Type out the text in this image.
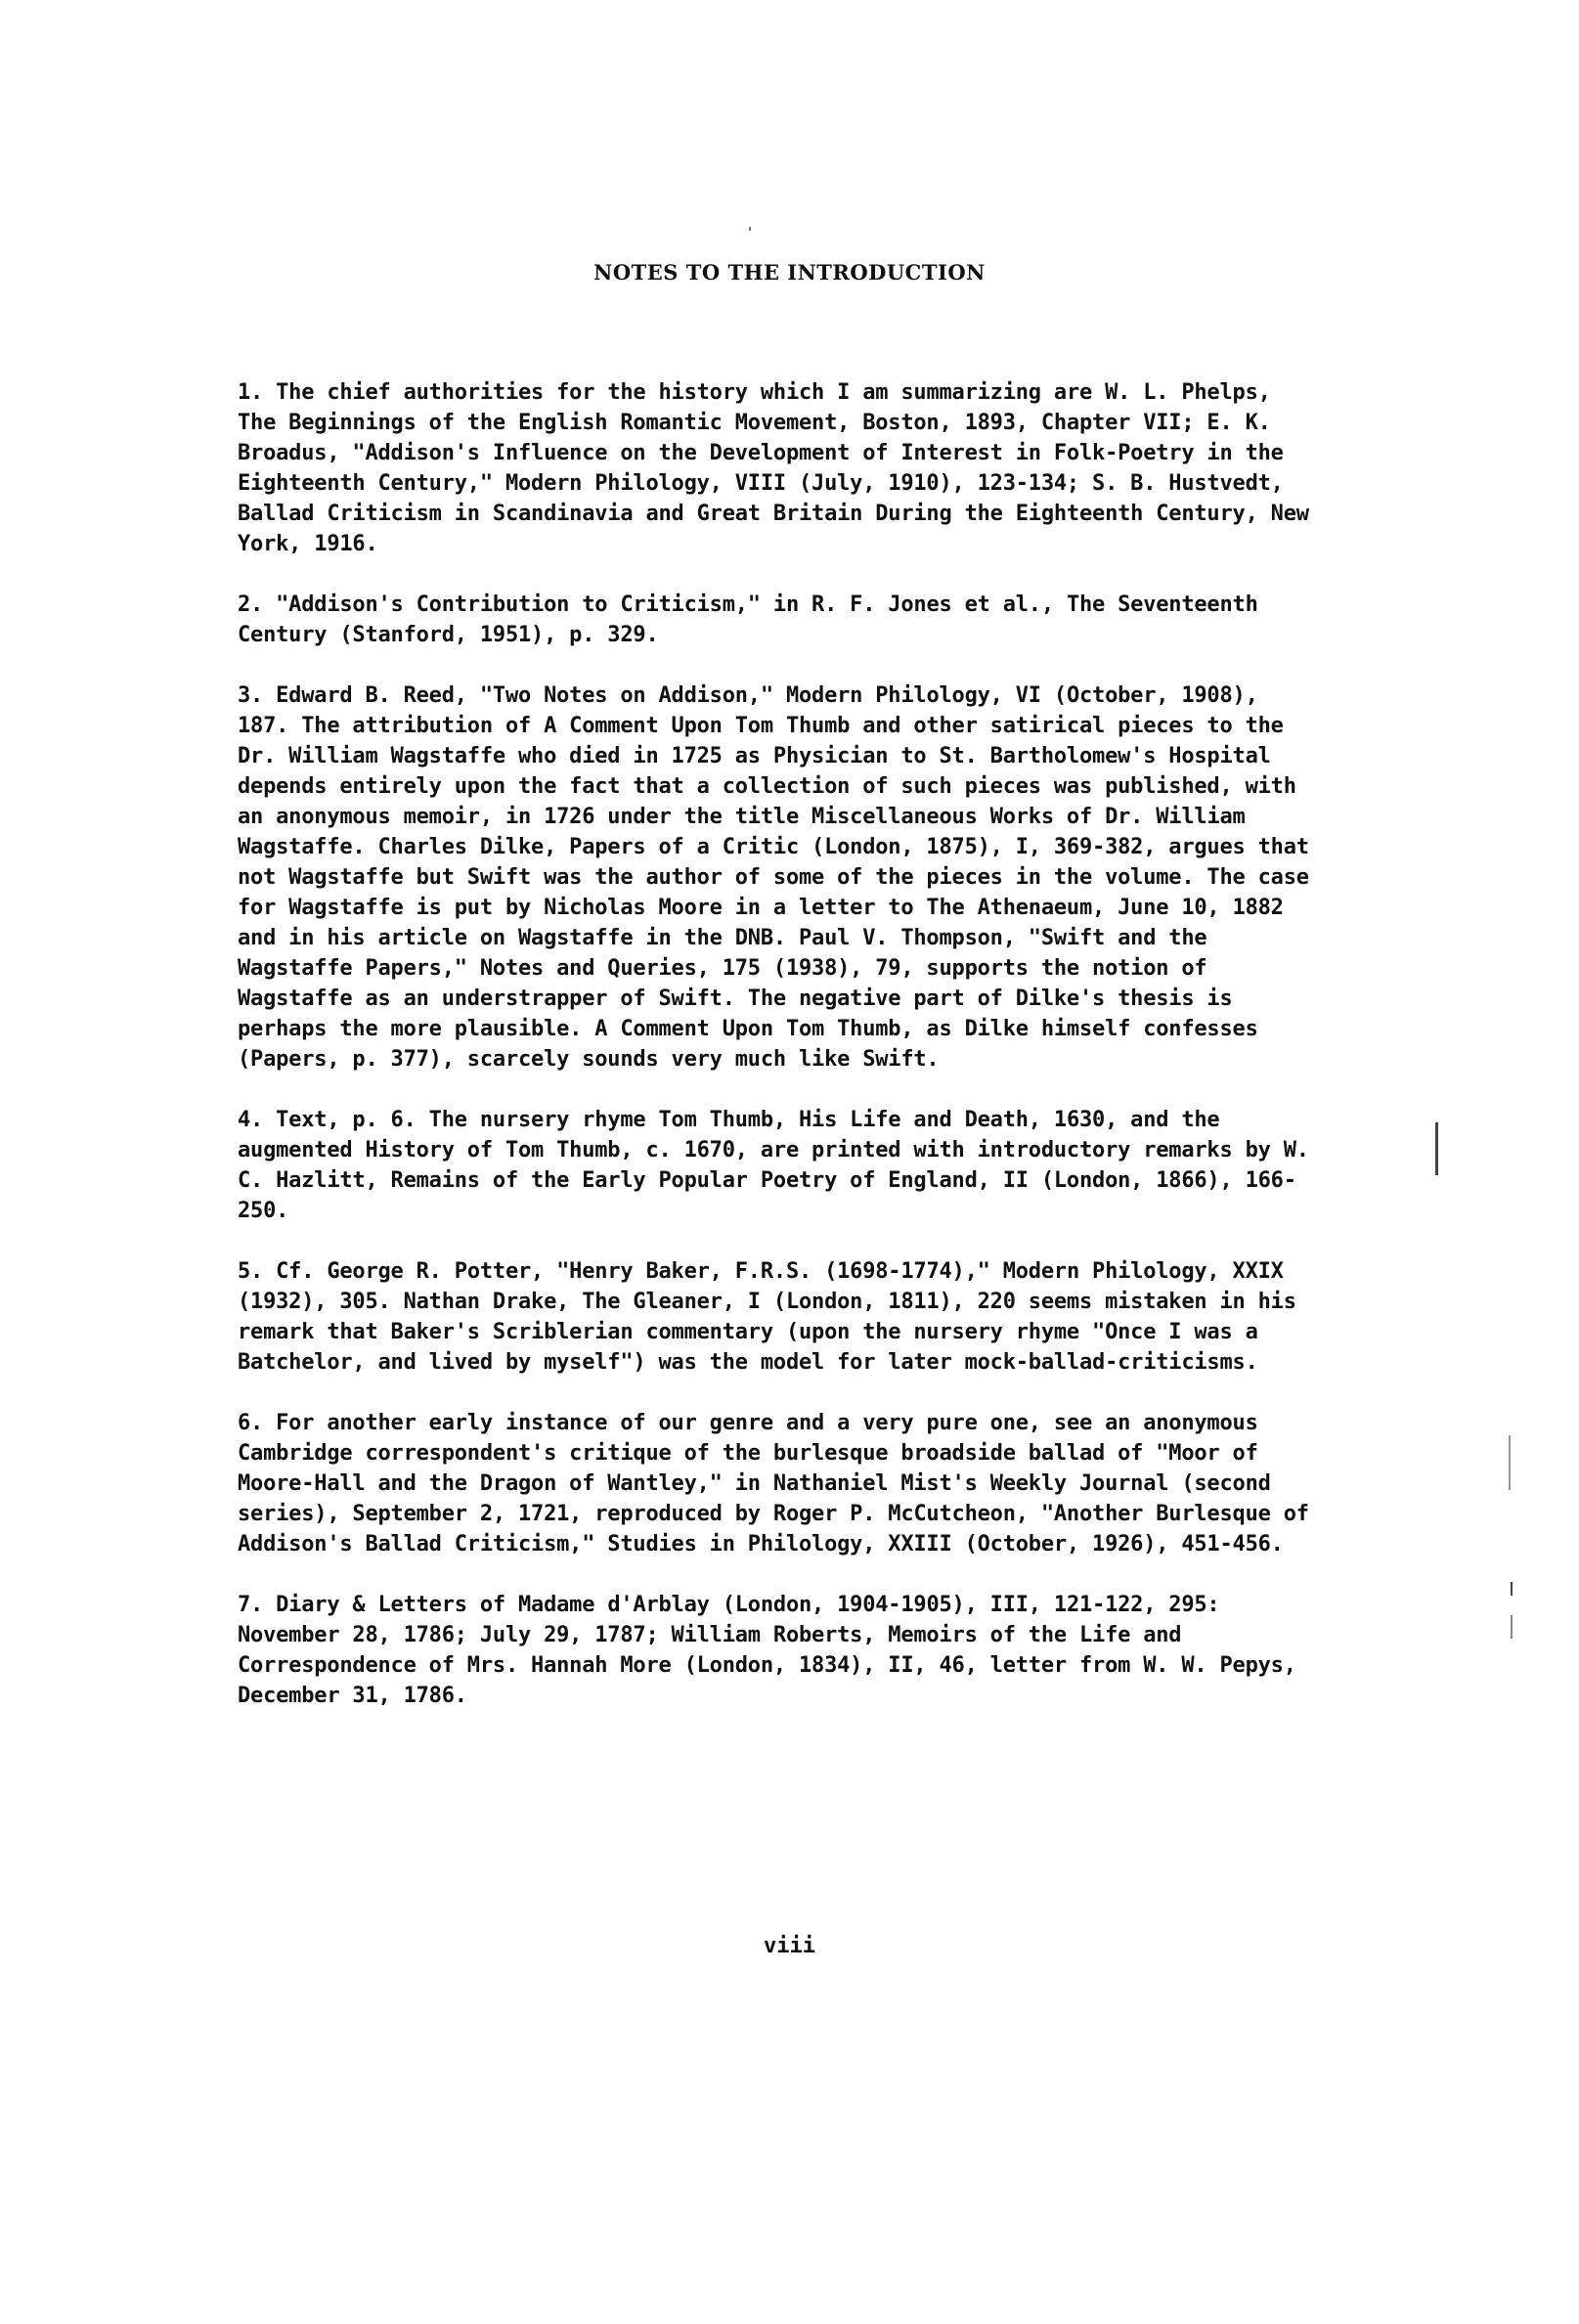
NOTES TO THE INTRODUCTION

1. The chief authorities for the history which I am summarizing are W. L. Phelps, The Beginnings of the English Romantic Movement, Boston, 1893, Chapter VII; E. K. Broadus, "Addison's Influence on the Development of Interest in Folk-Poetry in the Eighteenth Century," Modern Philology, VIII (July, 1910), 123-134; S. B. Hustvedt, Ballad Criticism in Scandinavia and Great Britain During the Eighteenth Century, New York, 1916.

2. "Addison's Contribution to Criticism," in R. F. Jones et al., The Seventeenth Century (Stanford, 1951), p. 329.

3. Edward B. Reed, "Two Notes on Addison," Modern Philology, VI (October, 1908), 187. The attribution of A Comment Upon Tom Thumb and other satirical pieces to the Dr. William Wagstaffe who died in 1725 as Physician to St. Bartholomew's Hospital depends entirely upon the fact that a collection of such pieces was published, with an anonymous memoir, in 1726 under the title Miscellaneous Works of Dr. William Wagstaffe. Charles Dilke, Papers of a Critic (London, 1875), I, 369-382, argues that not Wagstaffe but Swift was the author of some of the pieces in the volume. The case for Wagstaffe is put by Nicholas Moore in a letter to The Athenaeum, June 10, 1882 and in his article on Wagstaffe in the DNB. Paul V. Thompson, "Swift and the Wagstaffe Papers," Notes and Queries, 175 (1938), 79, supports the notion of Wagstaffe as an understrapper of Swift. The negative part of Dilke's thesis is perhaps the more plausible. A Comment Upon Tom Thumb, as Dilke himself confesses (Papers, p. 377), scarcely sounds very much like Swift.

4. Text, p. 6. The nursery rhyme Tom Thumb, His Life and Death, 1630, and the augmented History of Tom Thumb, c. 1670, are printed with introductory remarks by W. C. Hazlitt, Remains of the Early Popular Poetry of England, II (London, 1866), 166-250.

5. Cf. George R. Potter, "Henry Baker, F.R.S. (1698-1774)," Modern Philology, XXIX (1932), 305. Nathan Drake, The Gleaner, I (London, 1811), 220 seems mistaken in his remark that Baker's Scriblerian commentary (upon the nursery rhyme "Once I was a Batchelor, and lived by myself") was the model for later mock-ballad-criticisms.

6. For another early instance of our genre and a very pure one, see an anonymous Cambridge correspondent's critique of the burlesque broadside ballad of "Moor of Moore-Hall and the Dragon of Wantley," in Nathaniel Mist's Weekly Journal (second series), September 2, 1721, reproduced by Roger P. McCutcheon, "Another Burlesque of Addison's Ballad Criticism," Studies in Philology, XXIII (October, 1926), 451-456.

7. Diary & Letters of Madame d'Arblay (London, 1904-1905), III, 121-122, 295: November 28, 1786; July 29, 1787; William Roberts, Memoirs of the Life and Correspondence of Mrs. Hannah More (London, 1834), II, 46, letter from W. W. Pepys, December 31, 1786.

viii
